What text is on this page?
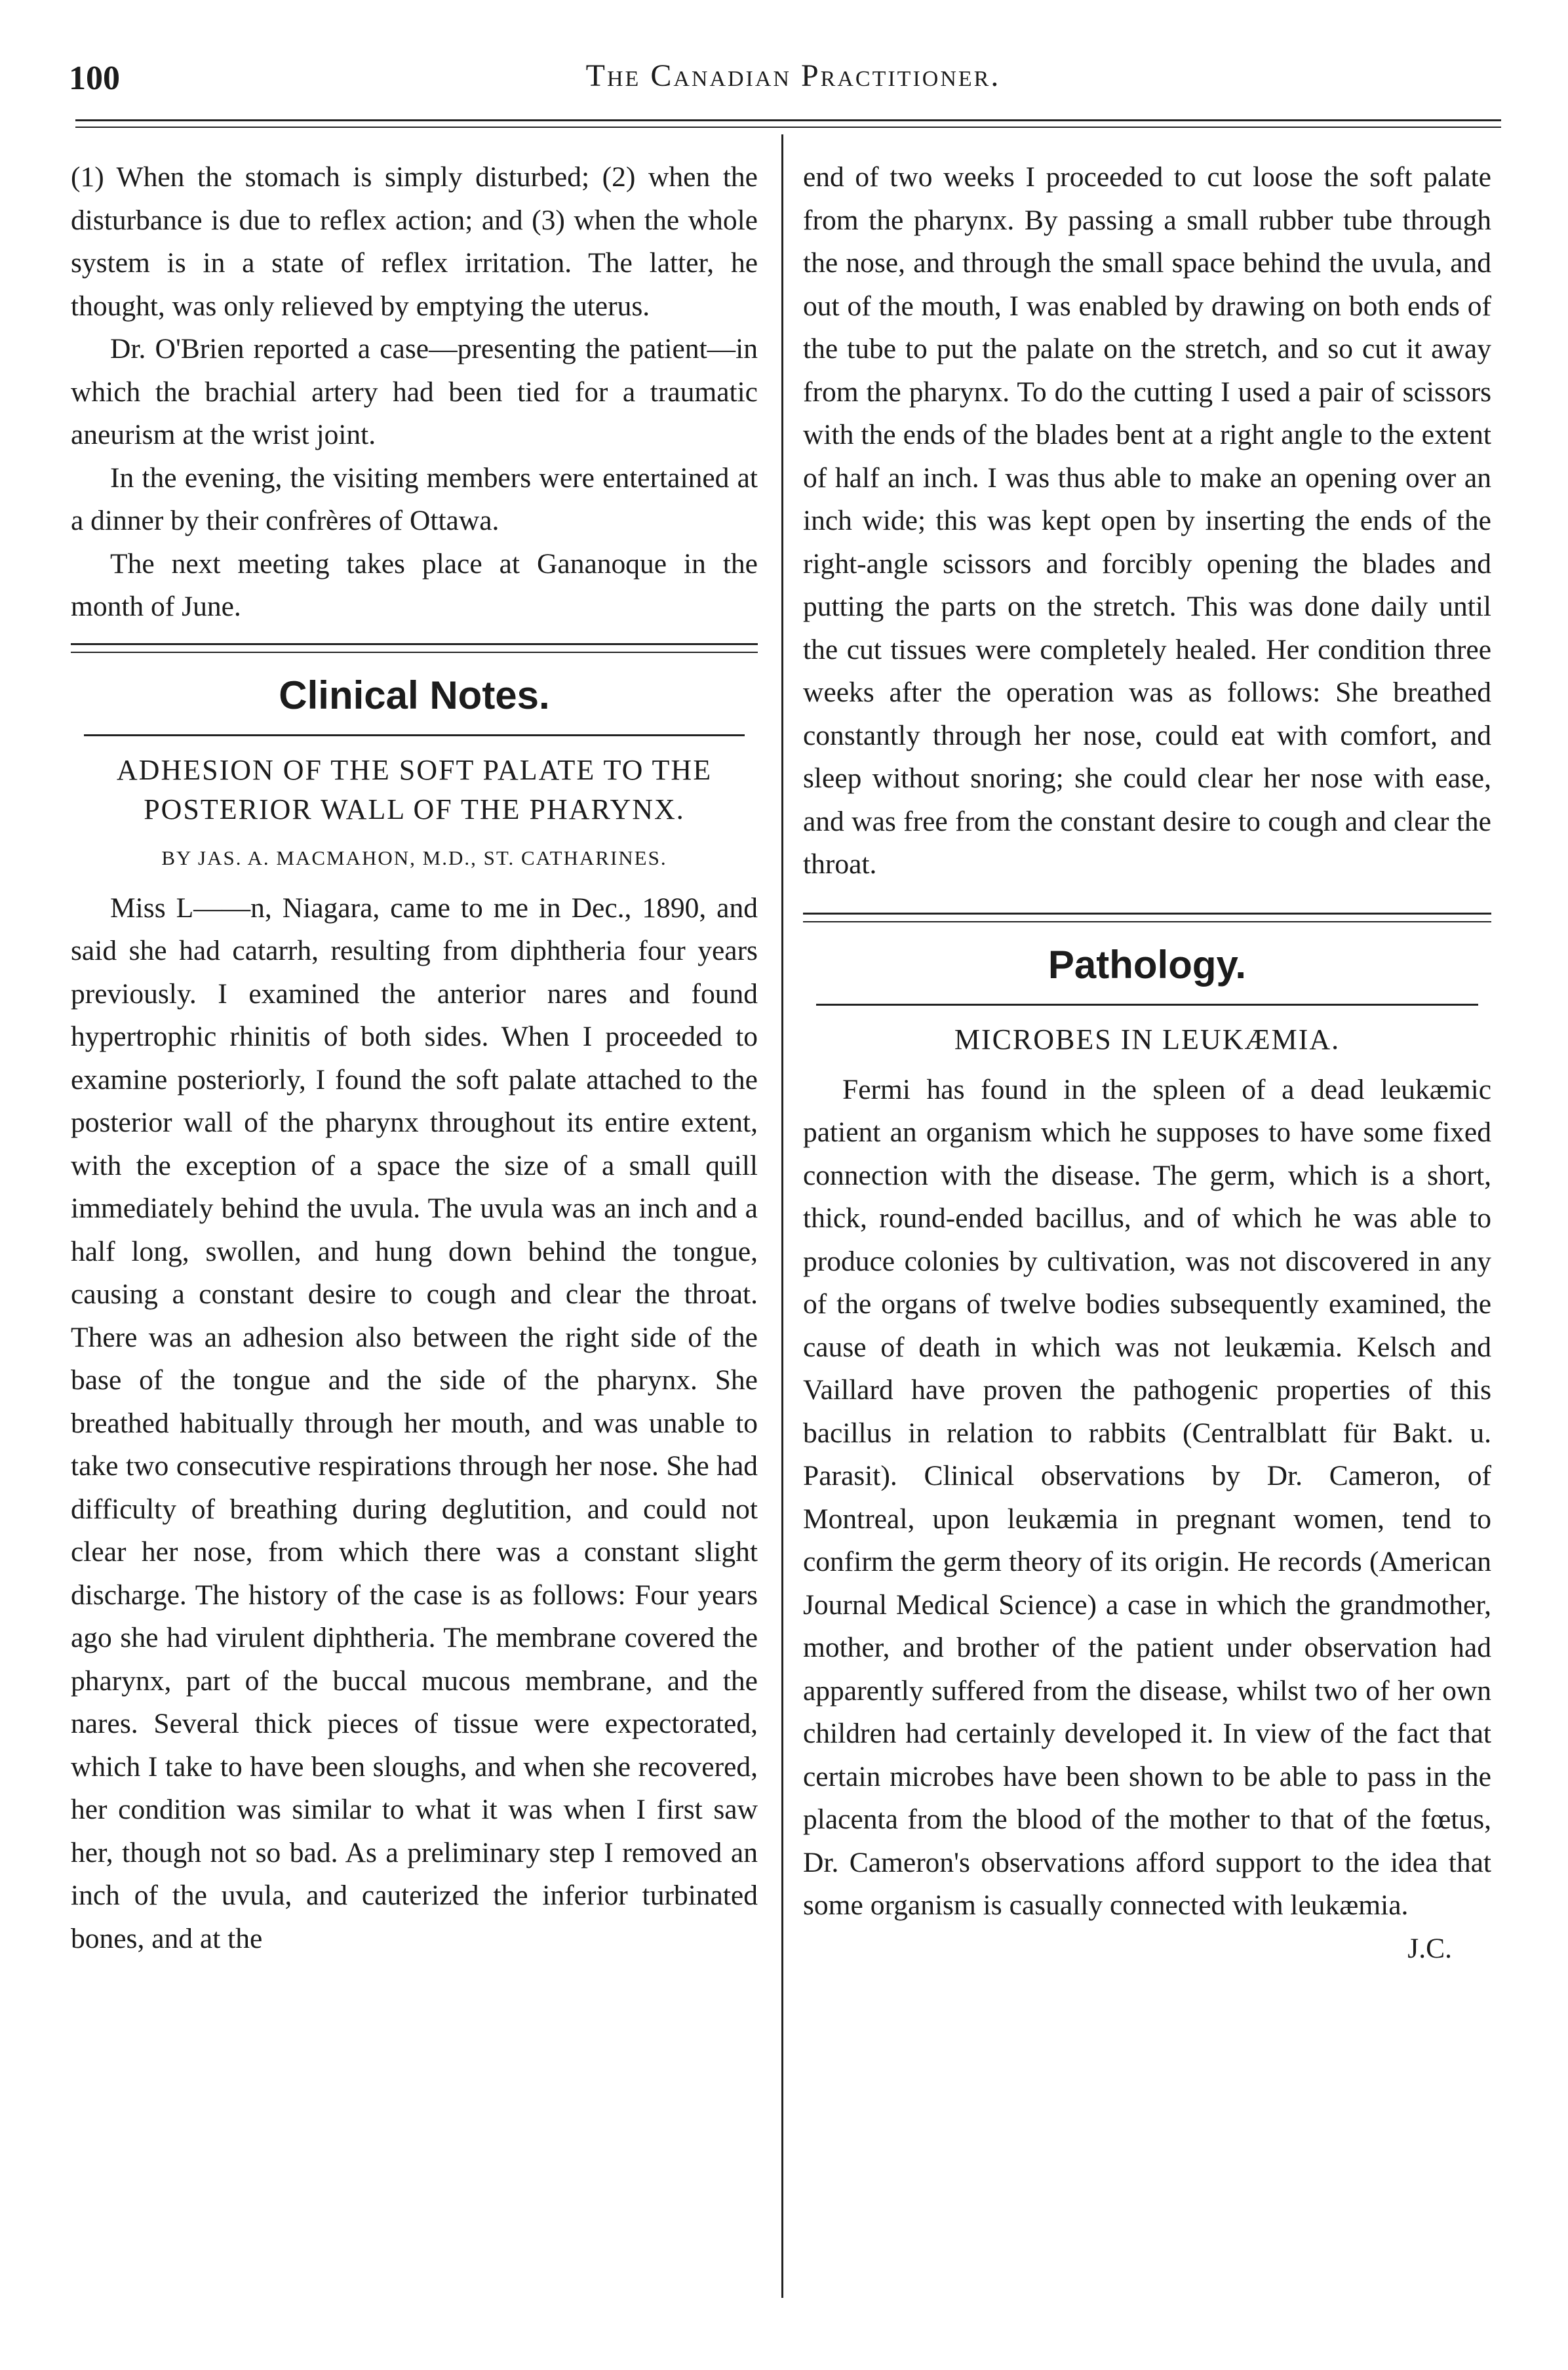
100	The Canadian Practitioner.

(1) When the stomach is simply disturbed; (2) when the disturbance is due to reflex action; and (3) when the whole system is in a state of reflex irritation. The latter, he thought, was only relieved by emptying the uterus.

Dr. O'Brien reported a case—presenting the patient—in which the brachial artery had been tied for a traumatic aneurism at the wrist joint.

In the evening, the visiting members were entertained at a dinner by their confrères of Ottawa.

The next meeting takes place at Gananoque in the month of June.

Clinical Notes.
ADHESION OF THE SOFT PALATE TO THE POSTERIOR WALL OF THE PHARYNX.
BY JAS. A. MACMAHON, M.D., ST. CATHARINES.

Miss L——n, Niagara, came to me in Dec., 1890, and said she had catarrh, resulting from diphtheria four years previously. I examined the anterior nares and found hypertrophic rhinitis of both sides. When I proceeded to examine posteriorly, I found the soft palate attached to the posterior wall of the pharynx throughout its entire extent, with the exception of a space the size of a small quill immediately behind the uvula. The uvula was an inch and a half long, swollen, and hung down behind the tongue, causing a constant desire to cough and clear the throat. There was an adhesion also between the right side of the base of the tongue and the side of the pharynx. She breathed habitually through her mouth, and was unable to take two consecutive respirations through her nose. She had difficulty of breathing during deglutition, and could not clear her nose, from which there was a constant slight discharge. The history of the case is as follows: Four years ago she had virulent diphtheria. The membrane covered the pharynx, part of the buccal mucous membrane, and the nares. Several thick pieces of tissue were expectorated, which I take to have been sloughs, and when she recovered, her condition was similar to what it was when I first saw her, though not so bad. As a preliminary step I removed an inch of the uvula, and cauterized the inferior turbinated bones, and at the

end of two weeks I proceeded to cut loose the soft palate from the pharynx. By passing a small rubber tube through the nose, and through the small space behind the uvula, and out of the mouth, I was enabled by drawing on both ends of the tube to put the palate on the stretch, and so cut it away from the pharynx. To do the cutting I used a pair of scissors with the ends of the blades bent at a right angle to the extent of half an inch. I was thus able to make an opening over an inch wide; this was kept open by inserting the ends of the right-angle scissors and forcibly opening the blades and putting the parts on the stretch. This was done daily until the cut tissues were completely healed. Her condition three weeks after the operation was as follows: She breathed constantly through her nose, could eat with comfort, and sleep without snoring; she could clear her nose with ease, and was free from the constant desire to cough and clear the throat.

Pathology.
MICROBES IN LEUKÆMIA.

Fermi has found in the spleen of a dead leukæmic patient an organism which he supposes to have some fixed connection with the disease. The germ, which is a short, thick, round-ended bacillus, and of which he was able to produce colonies by cultivation, was not discovered in any of the organs of twelve bodies subsequently examined, the cause of death in which was not leukæmia. Kelsch and Vaillard have proven the pathogenic properties of this bacillus in relation to rabbits (Centralblatt für Bakt. u. Parasit). Clinical observations by Dr. Cameron, of Montreal, upon leukæmia in pregnant women, tend to confirm the germ theory of its origin. He records (American Journal Medical Science) a case in which the grandmother, mother, and brother of the patient under observation had apparently suffered from the disease, whilst two of her own children had certainly developed it. In view of the fact that certain microbes have been shown to be able to pass in the placenta from the blood of the mother to that of the fœtus, Dr. Cameron's observations afford support to the idea that some organism is casually connected with leukæmia.

J.C.
